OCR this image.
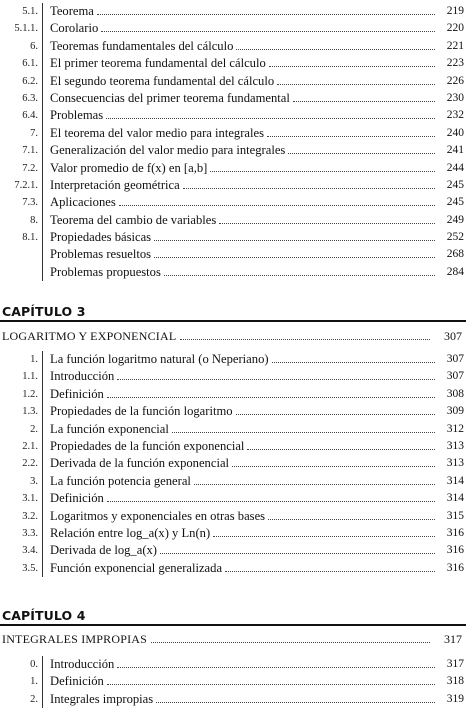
5.1. Teorema	219
5.1.1. Corolario	220
6. Teoremas fundamentales del cálculo	221
6.1. El primer teorema fundamental del cálculo	223
6.2. El segundo teorema fundamental del cálculo	226
6.3. Consecuencias del primer teorema fundamental	230
6.4. Problemas	232
7. El teorema del valor medio para integrales	240
7.1. Generalización del valor medio para integrales	241
7.2. Valor promedio de f(x) en [a,b]	244
7.2.1. Interpretación geométrica	245
7.3. Aplicaciones	245
8. Teorema del cambio de variables	249
8.1. Propiedades básicas	252
Problemas resueltos	268
Problemas propuestos	284
CAPÍTULO 3
LOGARITMO Y EXPONENCIAL	307
1. La función logaritmo natural (o Neperiano)	307
1.1. Introducción	307
1.2. Definición	308
1.3. Propiedades de la función logaritmo	309
2. La función exponencial	312
2.1. Propiedades de la función exponencial	313
2.2. Derivada de la función exponencial	313
3. La función potencia general	314
3.1. Definición	314
3.2. Logaritmos y exponenciales en otras bases	315
3.3. Relación entre log_a(x) y Ln(n)	316
3.4. Derivada de log_a(x)	316
3.5. Función exponencial generalizada	316
CAPÍTULO 4
INTEGRALES IMPROPIAS	317
0. Introducción	317
1. Definición	318
2. Integrales impropias	319
